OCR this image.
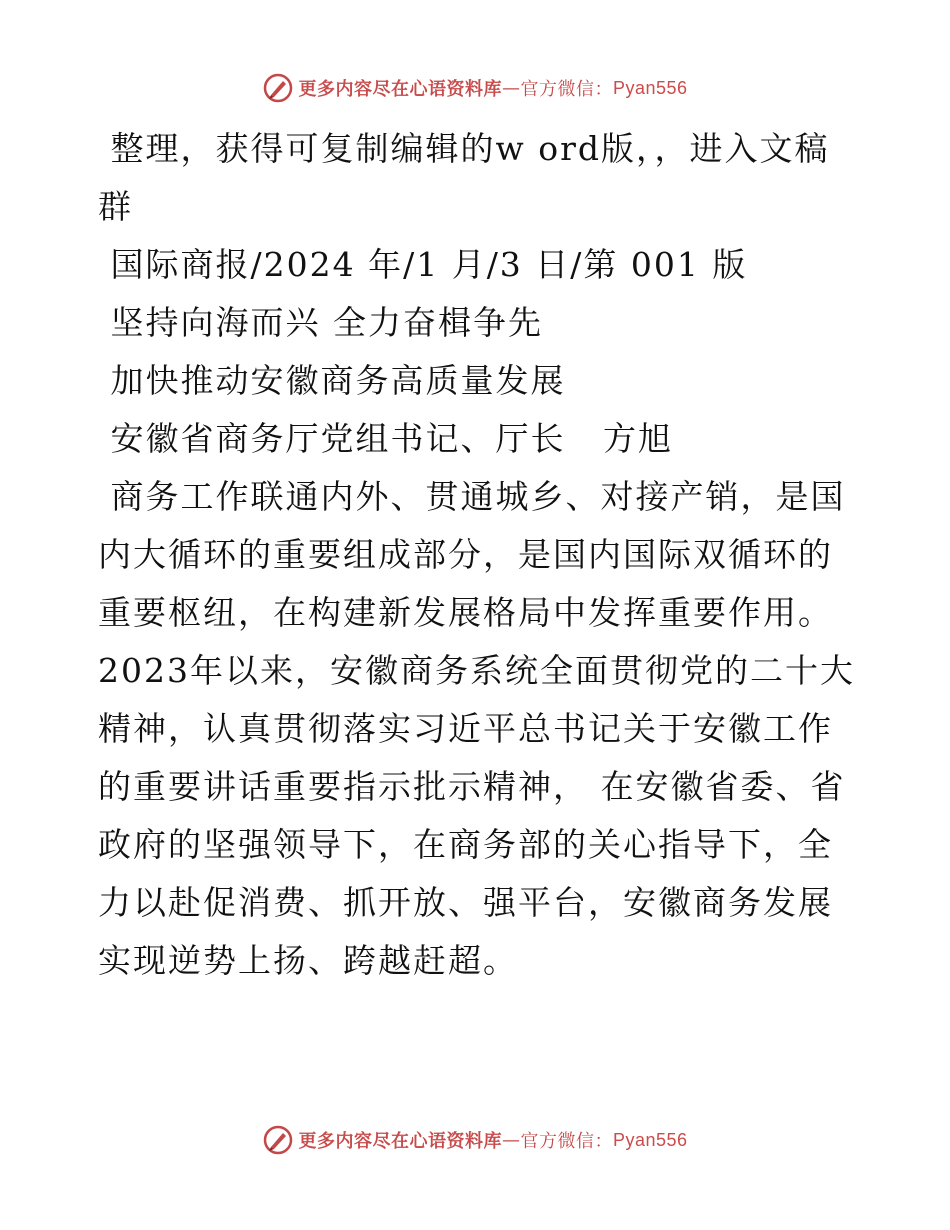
更多内容尽在心语资料库 — 官方微信： Pyan556

整理，获得可复制编辑的w ord版，，进入文稿群

国际商报/2024 年/1 月/3 日/第 001 版

坚持向海而兴 全力奋楫争先

加快推动安徽商务高质量发展

安徽省商务厅党组书记、厅长   方旭

商务工作联通内外、贯通城乡、对接产销，是国内大循环的重要组成部分，是国内国际双循环的重要枢纽，在构建新发展格局中发挥重要作用。2023年以来，安徽商务系统全面贯彻党的二十大精神，认真贯彻落实习近平总书记关于安徽工作的重要讲话重要指示批示精神， 在安徽省委、省政府的坚强领导下，在商务部的关心指导下，全力以赴促消费、抓开放、强平台，安徽商务发展实现逆势上扬、跨越赶超。

更多内容尽在心语资料库 — 官方微信： Pyan556
